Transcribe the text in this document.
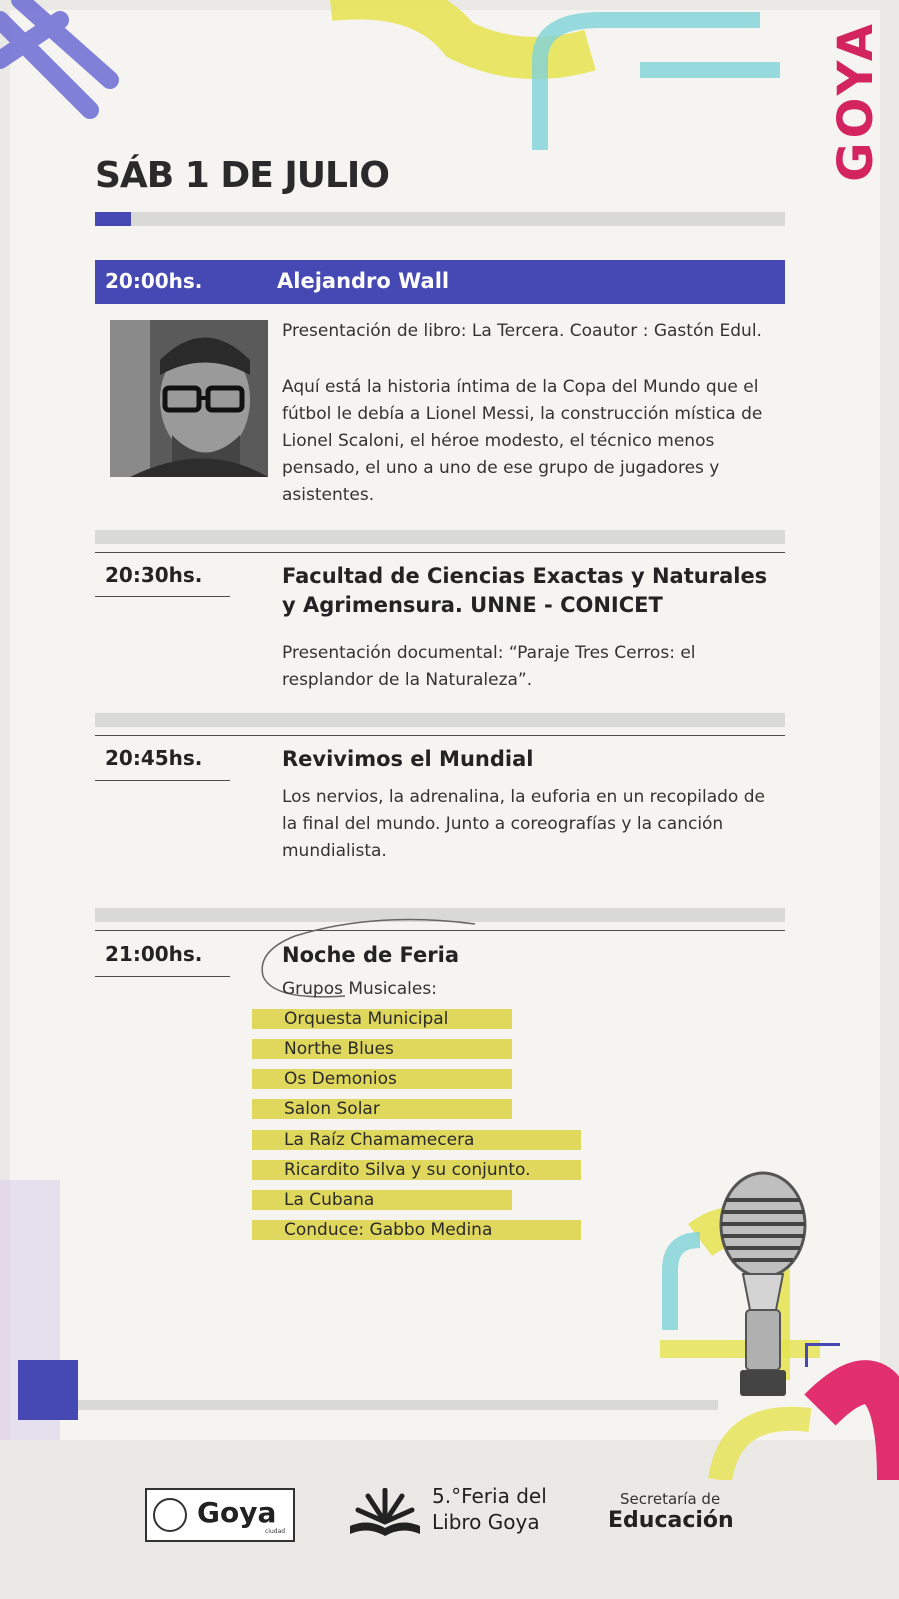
GOYA
SÁB 1 DE JULIO
20:00hs.	Alejandro Wall
Presentación de libro: La Tercera. Coautor : Gastón Edul.
Aquí está la historia íntima de la Copa del Mundo que el fútbol le debía a Lionel Messi, la construcción mística de Lionel Scaloni, el héroe modesto, el técnico menos pensado, el uno a uno de ese grupo de jugadores y asistentes.
20:30hs.	Facultad de Ciencias Exactas y Naturales y Agrimensura. UNNE - CONICET
Presentación documental: “Paraje Tres Cerros: el resplandor de la Naturaleza”.
20:45hs.	Revivimos el Mundial
Los nervios, la adrenalina, la euforia en un recopilado de la final del mundo. Junto a coreografías y la canción mundialista.
21:00hs.	Noche de Feria
Grupos Musicales:
Orquesta Municipal
Northe Blues
Os Demonios
Salon Solar
La Raíz Chamamecera
Ricardito Silva y su conjunto.
La Cubana
Conduce: Gabbo Medina
Goya
ciudad
5.°Feria del
Libro Goya
Secretaría de
Educación
